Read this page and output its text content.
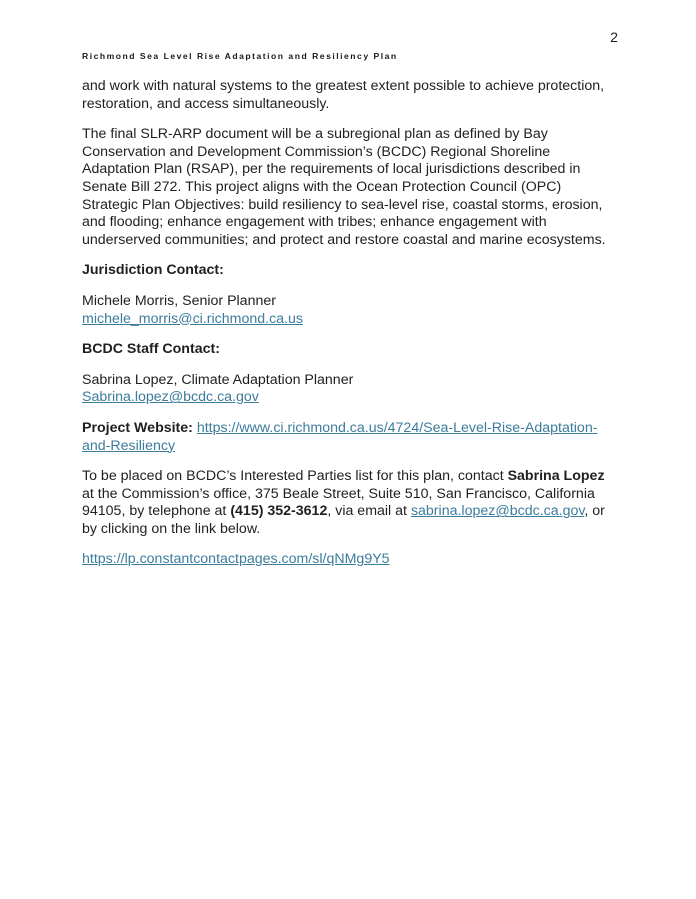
2
Richmond Sea Level Rise Adaptation and Resiliency Plan

and work with natural systems to the greatest extent possible to achieve protection, restoration, and access simultaneously.

The final SLR-ARP document will be a subregional plan as defined by Bay Conservation and Development Commission’s (BCDC) Regional Shoreline Adaptation Plan (RSAP), per the requirements of local jurisdictions described in Senate Bill 272. This project aligns with the Ocean Protection Council (OPC) Strategic Plan Objectives: build resiliency to sea-level rise, coastal storms, erosion, and flooding; enhance engagement with tribes; enhance engagement with underserved communities; and protect and restore coastal and marine ecosystems.

Jurisdiction Contact:

Michele Morris, Senior Planner
michele_morris@ci.richmond.ca.us

BCDC Staff Contact:

Sabrina Lopez, Climate Adaptation Planner
Sabrina.lopez@bcdc.ca.gov

Project Website: https://www.ci.richmond.ca.us/4724/Sea-Level-Rise-Adaptation-and-Resiliency

To be placed on BCDC’s Interested Parties list for this plan, contact Sabrina Lopez at the Commission’s office, 375 Beale Street, Suite 510, San Francisco, California 94105, by telephone at (415) 352-3612, via email at sabrina.lopez@bcdc.ca.gov, or by clicking on the link below.

https://lp.constantcontactpages.com/sl/qNMg9Y5
